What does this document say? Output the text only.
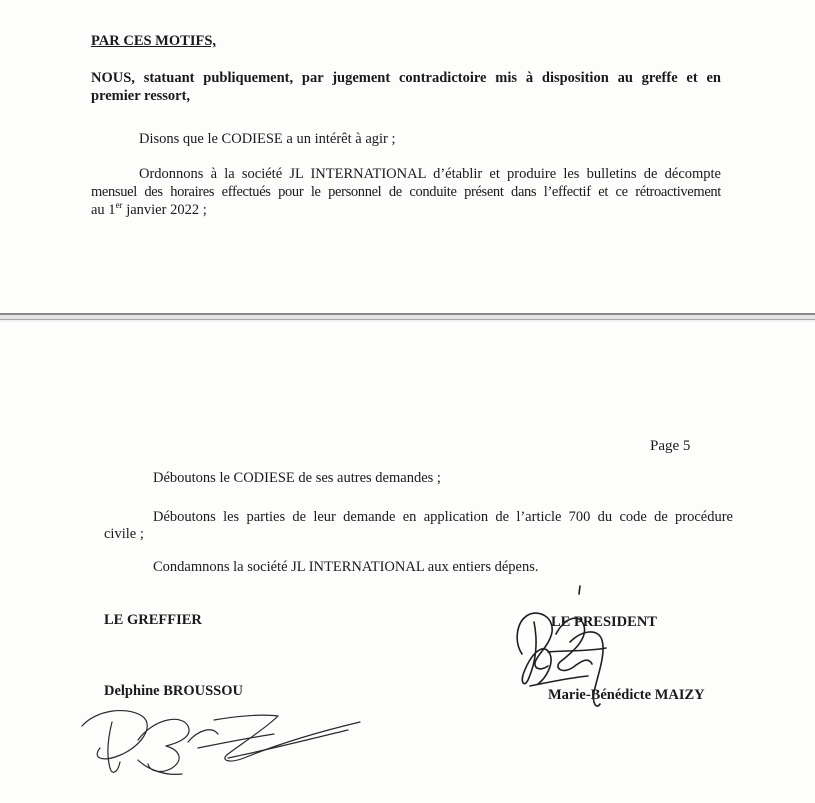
PAR CES MOTIFS,
NOUS, statuant publiquement, par jugement contradictoire mis à disposition au greffe et en
premier ressort,
Disons que le CODIESE a un intérêt à agir ;
Ordonnons à la société JL INTERNATIONAL d’établir et produire les bulletins de décompte
mensuel des horaires effectués pour le personnel de conduite présent dans l’effectif et ce rétroactivement
au 1er janvier 2022 ;
Page 5
Déboutons le CODIESE de ses autres demandes ;
Déboutons les parties de leur demande en application de l’article 700 du code de procédure
civile ;
Condamnons la société JL INTERNATIONAL aux entiers dépens.
LE GREFFIER	LE PRESIDENT
Delphine BROUSSOU	Marie-Bénédicte MAIZY
